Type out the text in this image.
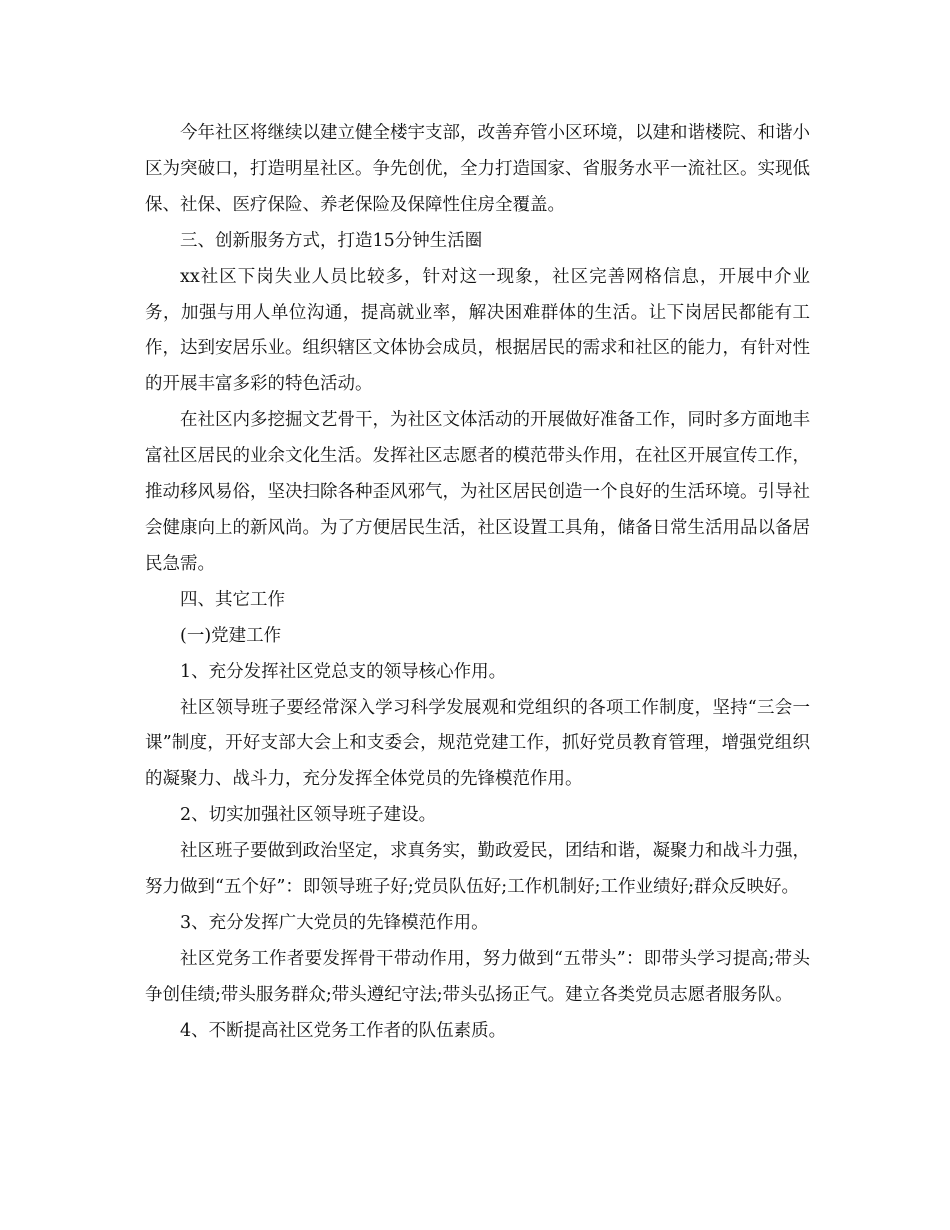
今年社区将继续以建立健全楼宇支部，改善弃管小区环境，以建和谐楼院、和谐小区为突破口，打造明星社区。争先创优，全力打造国家、省服务水平一流社区。实现低保、社保、医疗保险、养老保险及保障性住房全覆盖。

三、创新服务方式，打造15分钟生活圈

xx社区下岗失业人员比较多，针对这一现象，社区完善网格信息，开展中介业务，加强与用人单位沟通，提高就业率，解决困难群体的生活。让下岗居民都能有工作，达到安居乐业。组织辖区文体协会成员，根据居民的需求和社区的能力，有针对性的开展丰富多彩的特色活动。

在社区内多挖掘文艺骨干，为社区文体活动的开展做好准备工作，同时多方面地丰富社区居民的业余文化生活。发挥社区志愿者的模范带头作用，在社区开展宣传工作，推动移风易俗，坚决扫除各种歪风邪气，为社区居民创造一个良好的生活环境。引导社会健康向上的新风尚。为了方便居民生活，社区设置工具角，储备日常生活用品以备居民急需。

四、其它工作

(一)党建工作

1、充分发挥社区党总支的领导核心作用。

社区领导班子要经常深入学习科学发展观和党组织的各项工作制度，坚持“三会一课”制度，开好支部大会上和支委会，规范党建工作，抓好党员教育管理，增强党组织的凝聚力、战斗力，充分发挥全体党员的先锋模范作用。

2、切实加强社区领导班子建设。

社区班子要做到政治坚定，求真务实，勤政爱民，团结和谐，凝聚力和战斗力强，努力做到“五个好”：即领导班子好;党员队伍好;工作机制好;工作业绩好;群众反映好。

3、充分发挥广大党员的先锋模范作用。

社区党务工作者要发挥骨干带动作用，努力做到“五带头”：即带头学习提高;带头争创佳绩;带头服务群众;带头遵纪守法;带头弘扬正气。建立各类党员志愿者服务队。

4、不断提高社区党务工作者的队伍素质。
